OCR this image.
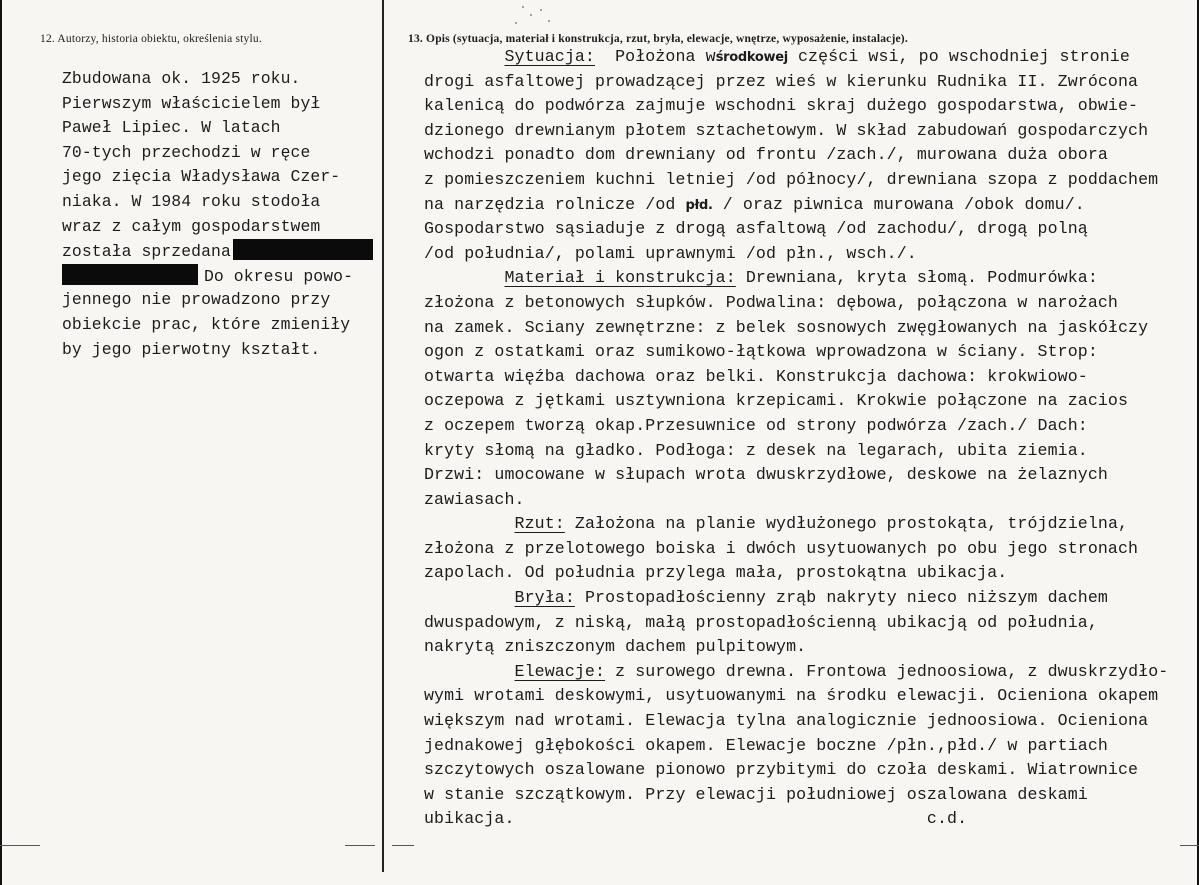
12. Autorzy, historia obiektu, określenia stylu.	13. Opis (sytuacja, materiał i konstrukcja, rzut, bryła, elewacje, wnętrze, wyposażenie, instalacje).
Zbudowana ok. 1925 roku.
Pierwszym właścicielem był
Paweł Lipiec. W latach
70-tych przechodzi w ręce
jego zięcia Władysława Czer-
niaka. W 1984 roku stodoła
wraz z całym gospodarstwem
została sprzedana
Do okresu powo-
jennego nie prowadzono przy
obiekcie prac, które zmieniły
by jego pierwotny kształt.
Sytuacja: Położona wśrodkowej części wsi, po wschodniej stronie
drogi asfaltowej prowadzącej przez wieś w kierunku Rudnika II. Zwrócona
kalenicą do podwórza zajmuje wschodni skraj dużego gospodarstwa, obwie-
dzionego drewnianym płotem sztachetowym. W skład zabudowań gospodarczych
wchodzi ponadto dom drewniany od frontu /zach./, murowana duża obora
z pomieszczeniem kuchni letniej /od północy/, drewniana szopa z poddachem
na narzędzia rolnicze /od płd. / oraz piwnica murowana /obok domu/.
Gospodarstwo sąsiaduje z drogą asfaltową /od zachodu/, drogą polną
/od południa/, polami uprawnymi /od płn., wsch./.
Materiał i konstrukcja: Drewniana, kryta słomą. Podmurówka:
złożona z betonowych słupków. Podwalina: dębowa, połączona w narożach
na zamek. Sciany zewnętrzne: z belek sosnowych zwęgłowanych na jaskółczy
ogon z ostatkami oraz sumikowo-łątkowa wprowadzona w ściany. Strop:
otwarta więźba dachowa oraz belki. Konstrukcja dachowa: krokwiowo-
oczepowa z jętkami usztywniona krzepicami. Krokwie połączone na zacios
z oczepem tworzą okap.Przesuwnice od strony podwórza /zach./ Dach:
kryty słomą na gładko. Podłoga: z desek na legarach, ubita ziemia.
Drzwi: umocowane w słupach wrota dwuskrzydłowe, deskowe na żelaznych
zawiasach.
Rzut: Założona na planie wydłużonego prostokąta, trójdzielna,
złożona z przelotowego boiska i dwóch usytuowanych po obu jego stronach
zapolach. Od południa przylega mała, prostokątna ubikacja.
Bryła: Prostopadłościenny zrąb nakryty nieco niższym dachem
dwuspadowym, z niską, małą prostopadłościenną ubikacją od południa,
nakrytą zniszczonym dachem pulpitowym.
Elewacje: z surowego drewna. Frontowa jednoosiowa, z dwuskrzydło-
wymi wrotami deskowymi, usytuowanymi na środku elewacji. Ocieniona okapem
większym nad wrotami. Elewacja tylna analogicznie jednoosiowa. Ocieniona
jednakowej głębokości okapem. Elewacje boczne /płn.,płd./ w partiach
szczytowych oszalowane pionowo przybitymi do czoła deskami. Wiatrownice
w stanie szczątkowym. Przy elewacji południowej oszalowana deskami
ubikacja.	c.d.
